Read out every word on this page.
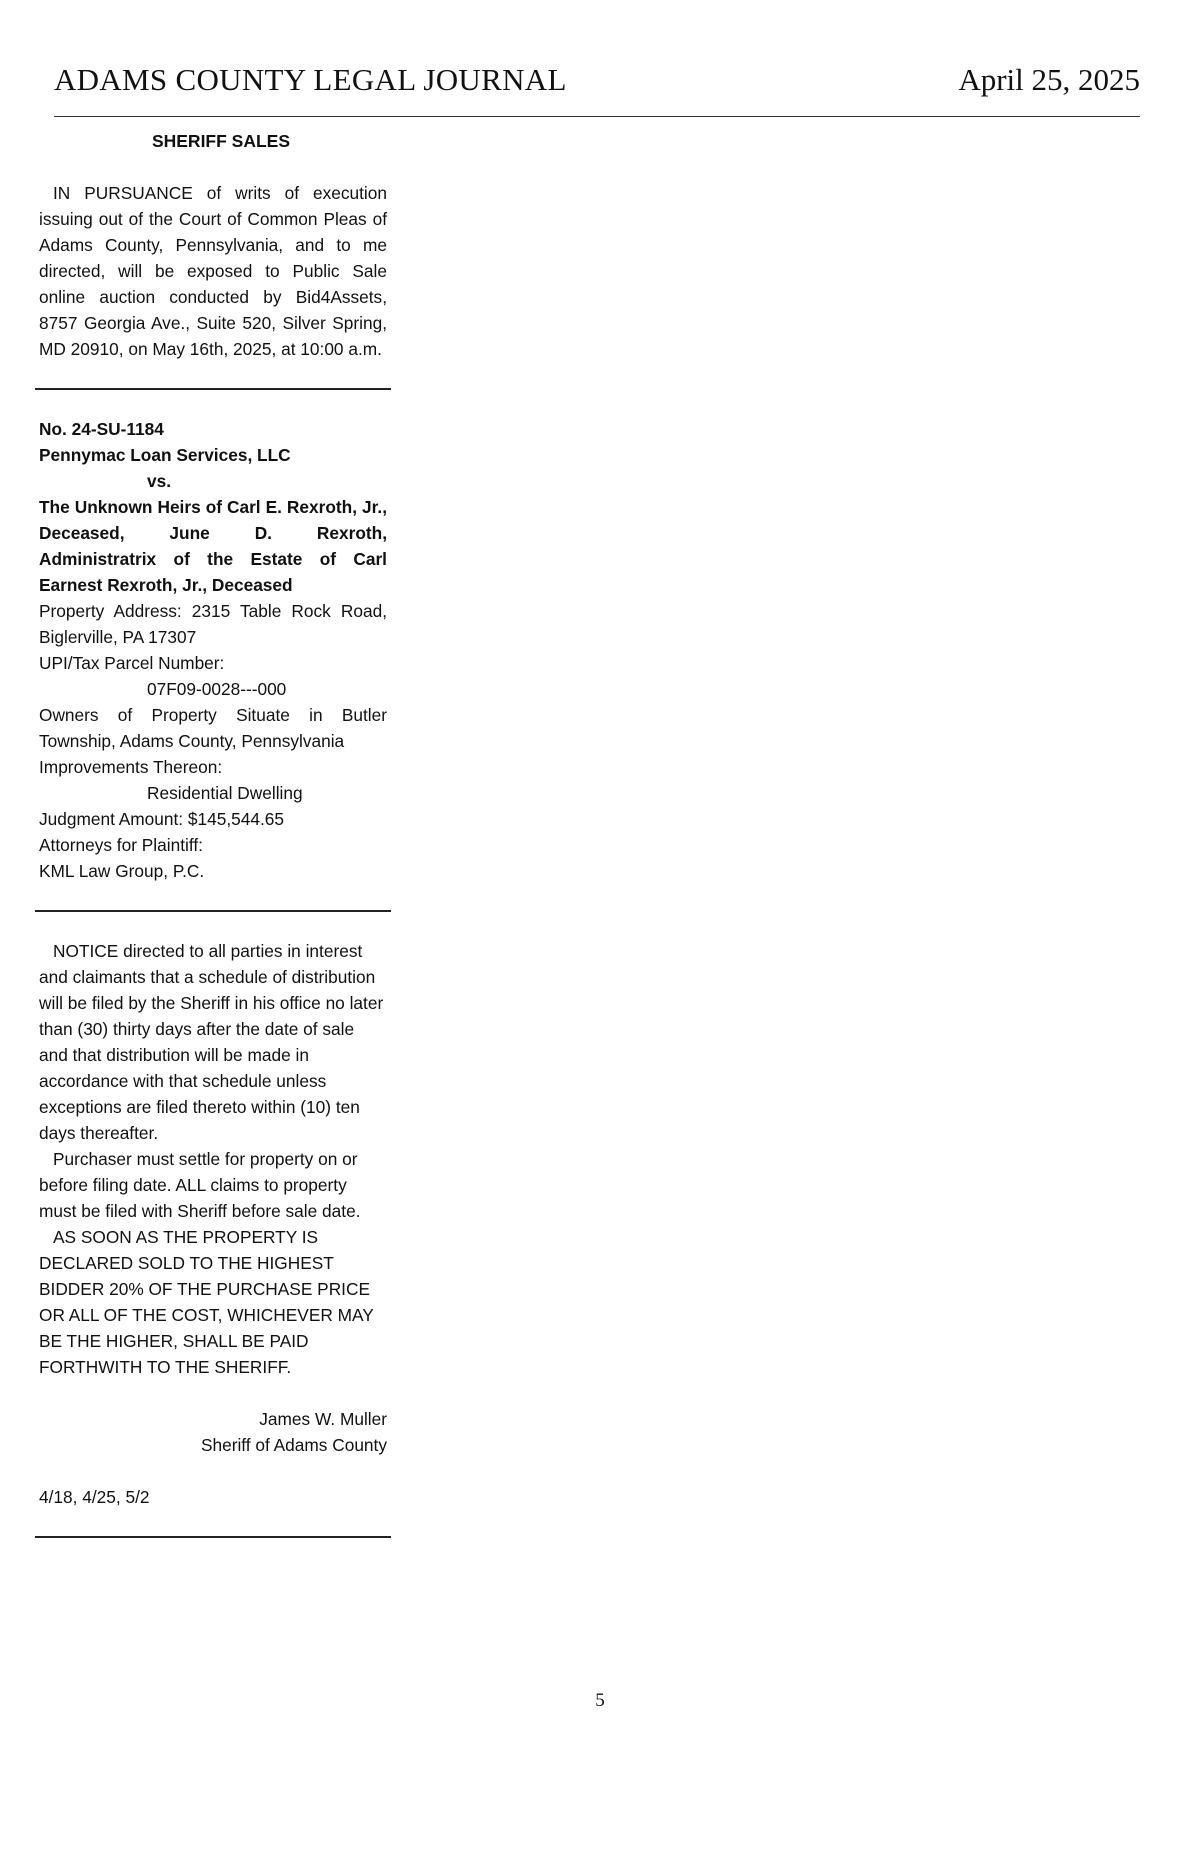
ADAMS COUNTY LEGAL JOURNAL	April 25, 2025
SHERIFF SALES

IN PURSUANCE of writs of execution issuing out of the Court of Common Pleas of Adams County, Pennsylvania, and to me directed, will be exposed to Public Sale online auction conducted by Bid4Assets, 8757 Georgia Ave., Suite 520, Silver Spring, MD 20910, on May 16th, 2025, at 10:00 a.m.

No. 24-SU-1184

Pennymac Loan Services, LLC

vs.

The Unknown Heirs of Carl E. Rexroth, Jr., Deceased, June D. Rexroth, Administratrix of the Estate of Carl Earnest Rexroth, Jr., Deceased

Property Address: 2315 Table Rock Road, Biglerville, PA 17307

UPI/Tax Parcel Number:

07F09-0028---000

Owners of Property Situate in Butler Township, Adams County, Pennsylvania

Improvements Thereon:

Residential Dwelling

Judgment Amount: $145,544.65

Attorneys for Plaintiff:

KML Law Group, P.C.

NOTICE directed to all parties in interest and claimants that a schedule of distribution will be filed by the Sheriff in his office no later than (30) thirty days after the date of sale and that distribution will be made in accordance with that schedule unless exceptions are filed thereto within (10) ten days thereafter.

Purchaser must settle for property on or before filing date. ALL claims to property must be filed with Sheriff before sale date.

AS SOON AS THE PROPERTY IS DECLARED SOLD TO THE HIGHEST BIDDER 20% OF THE PURCHASE PRICE OR ALL OF THE COST, WHICHEVER MAY BE THE HIGHER, SHALL BE PAID FORTHWITH TO THE SHERIFF.

James W. Muller

Sheriff of Adams County

4/18, 4/25, 5/2

5
